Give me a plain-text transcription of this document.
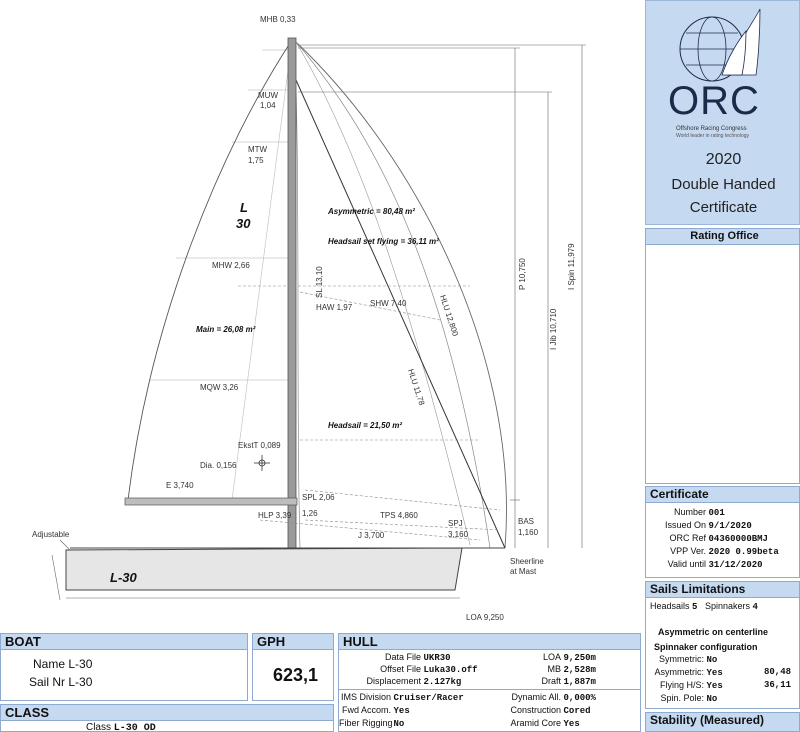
MHB 0,33
MUW
1,04
MTW
1,75
L
30
MHW 2,66
Main = 26,08 m²
MQW 3,26
Asymmetric = 80,48 m²
Headsail set flying = 36,11 m²
SHW 7,40
HAW 1,97
Headsail = 21,50 m²
SL 13,10
HLU 12,800
HLU 11,78
P 10,750
I Jib 10,710
I Spin 11,979
EkstT 0,089
Dia. 0,156
E 3,740
SPL 2,06
TPS 4,860
HLP 3,39 1,26
J 3,700
SPJ
3,160
BAS
1,160
Sheerline
at Mast
Adjustable
L-30
LOA 9,250
ORC
Offshore Racing Congress
World leader in rating technology
2020
Double Handed
Certificate
Rating Office
Certificate
Number 001
Issued On 9/1/2020
ORC Ref 04360000BMJ
VPP Ver. 2020 0.99beta
Valid until 31/12/2020
Sails Limitations
Headsails 5 Spinnakers 4
Asymmetric on centerline
Spinnaker configuration
Symmetric: No
Asymmetric: Yes	80,48
Flying H/S: Yes	36,11
Spin. Pole: No
Stability (Measured)
BOAT
Name L-30
Sail Nr L-30
GPH
623,1
CLASS
Class L-30 OD
HULL
Data File UKR30
Offset File Luka30.off
Displacement 2.127kg
LOA 9,250m
MB 2,528m
Draft 1,887m
IMS Division Cruiser/Racer
Fwd Accom. Yes
Fiber Rigging No
Dynamic All. 0,000%
Construction Cored
Aramid Core Yes
